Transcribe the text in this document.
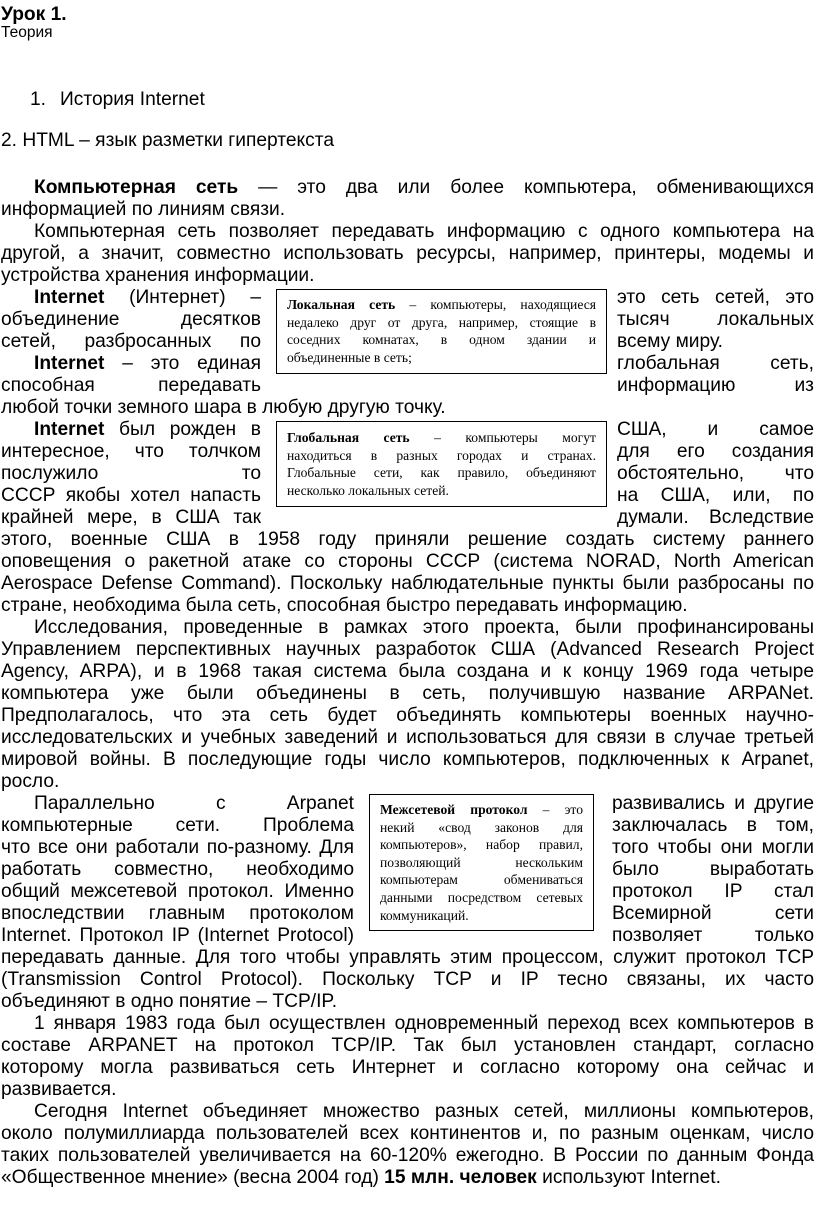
Урок 1.
Теория
1. История Internet
2. HTML – язык разметки гипертекста
Компьютерная сеть — это два или более компьютера, обменивающихся
информацией по линиям связи.
Компьютерная сеть позволяет передавать информацию с одного компьютера на
другой, а значит, совместно использовать ресурсы, например, принтеры, модемы и
устройства хранения информации.
Internet (Интернет) –	это сеть сетей, это
объединение десятков	тысяч локальных
сетей, разбросанных по	всему миру.
Internet – это единая	глобальная сеть,
способная передавать	информацию из
любой точки земного шара в любую другую точку.
Internet был рожден в	США, и самое
интересное, что толчком	для его создания
послужило то	обстоятельно, что
СССР якобы хотел напасть	на США, или, по
крайней мере, в США так	думали. Вследствие
этого, военные США в 1958 году приняли решение создать систему раннего
оповещения о ракетной атаке со стороны СССР (система NORAD, North American
Aerospace Defense Command). Поскольку наблюдательные пункты были разбросаны по
стране, необходима была сеть, способная быстро передавать информацию.
Исследования, проведенные в рамках этого проекта, были профинансированы
Управлением перспективных научных разработок США (Advanced Research Project
Agency, ARPA), и в 1968 такая система была создана и к концу 1969 года четыре
компьютера уже были объединены в сеть, получившую название ARPANet.
Предполагалось, что эта сеть будет объединять компьютеры военных научно-
исследовательских и учебных заведений и использоваться для связи в случае третьей
мировой войны. В последующие годы число компьютеров, подключенных к Arpanet,
росло.
Параллельно с Arpanet	развивались и другие
компьютерные сети. Проблема	заключалась в том,
что все они работали по-разному. Для	того чтобы они могли
работать совместно, необходимо	было выработать
общий межсетевой протокол. Именно	протокол IP стал
впоследствии главным протоколом	Всемирной сети
Internet. Протокол IP (Internet Protocol)	позволяет только
передавать данные. Для того чтобы управлять этим процессом, служит протокол TCP
(Transmission Control Protocol). Поскольку TCP и IP тесно связаны, их часто
объединяют в одно понятие – TCP/IP.
1 января 1983 года был осуществлен одновременный переход всех компьютеров в
составе ARPANET на протокол TCP/IP. Так был установлен стандарт, согласно
которому могла развиваться сеть Интернет и согласно которому она сейчас и
развивается.
Сегодня Internet объединяет множество разных сетей, миллионы компьютеров,
около полумиллиарда пользователей всех континентов и, по разным оценкам, число
таких пользователей увеличивается на 60-120% ежегодно. В России по данным Фонда
«Общественное мнение» (весна 2004 год) 15 млн. человек используют Internet.
Локальная сеть – компьютеры, находящиеся
недалеко друг от друга, например, стоящие в
соседних комнатах, в одном здании и
объединенные в сеть;
Глобальная сеть – компьютеры могут
находиться в разных городах и странах.
Глобальные сети, как правило, объединяют
несколько локальных сетей.
Межсетевой протокол – это
некий «свод законов для
компьютеров», набор правил,
позволяющий нескольким
компьютерам обмениваться
данными посредством сетевых
коммуникаций.
